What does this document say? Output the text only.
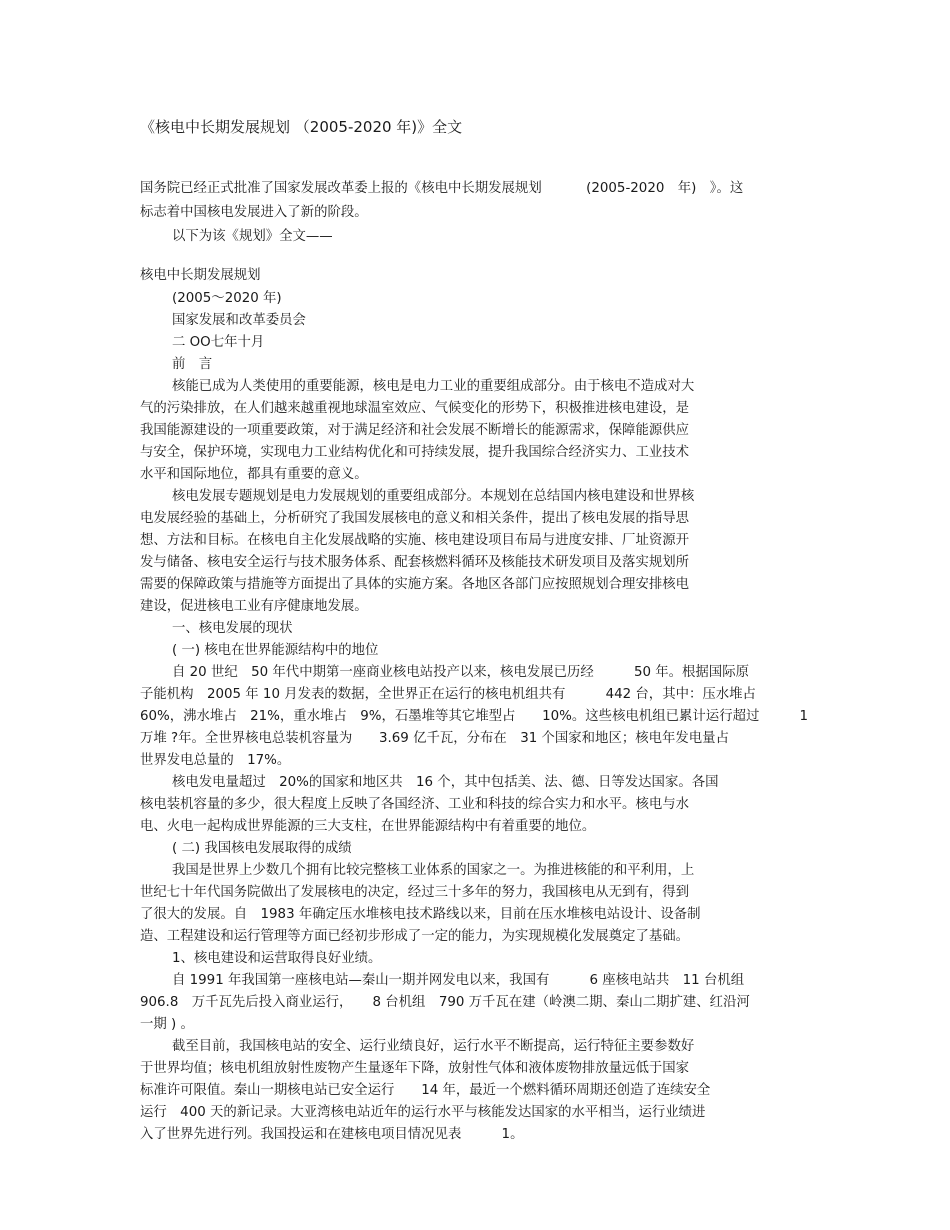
《核电中长期发展规划 （2005-2020 年)》全文
国务院已经正式批准了国家发展改革委上报的《核电中长期发展规划　　　 (2005-2020　年)　》。这
标志着中国核电发展进入了新的阶段。
以下为该《规划》全文——
核电中长期发展规划
(2005～2020 年)
国家发展和改革委员会
二 OO七年十月
前　言
核能已成为人类使用的重要能源，核电是电力工业的重要组成部分。由于核电不造成对大
气的污染排放，在人们越来越重视地球温室效应、气候变化的形势下，积极推进核电建设，是
我国能源建设的一项重要政策，对于满足经济和社会发展不断增长的能源需求，保障能源供应
与安全，保护环境，实现电力工业结构优化和可持续发展，提升我国综合经济实力、工业技术
水平和国际地位，都具有重要的意义。
核电发展专题规划是电力发展规划的重要组成部分。本规划在总结国内核电建设和世界核
电发展经验的基础上，分析研究了我国发展核电的意义和相关条件，提出了核电发展的指导思
想、方法和目标。在核电自主化发展战略的实施、核电建设项目布局与进度安排、厂址资源开
发与储备、核电安全运行与技术服务体系、配套核燃料循环及核能技术研发项目及落实规划所
需要的保障政策与措施等方面提出了具体的实施方案。各地区各部门应按照规划合理安排核电
建设，促进核电工业有序健康地发展。
一、核电发展的现状
( 一) 核电在世界能源结构中的地位
自 20 世纪　50 年代中期第一座商业核电站投产以来，核电发展已历经　　　50 年。根据国际原
子能机构　2005 年 10 月发表的数据，全世界正在运行的核电机组共有　　　442 台，其中：压水堆占
60%，沸水堆占　21%，重水堆占　9%，石墨堆等其它堆型占　　10%。这些核电机组已累计运行超过　　　1
万堆 ?年。全世界核电总装机容量为　　3.69 亿千瓦，分布在　31 个国家和地区；核电年发电量占
世界发电总量的　17%。
核电发电量超过　20%的国家和地区共　16 个，其中包括美、法、德、日等发达国家。各国
核电装机容量的多少，很大程度上反映了各国经济、工业和科技的综合实力和水平。核电与水
电、火电一起构成世界能源的三大支柱，在世界能源结构中有着重要的地位。
( 二) 我国核电发展取得的成绩
我国是世界上少数几个拥有比较完整核工业体系的国家之一。为推进核能的和平利用，上
世纪七十年代国务院做出了发展核电的决定，经过三十多年的努力，我国核电从无到有，得到
了很大的发展。自　1983 年确定压水堆核电技术路线以来，目前在压水堆核电站设计、设备制
造、工程建设和运行管理等方面已经初步形成了一定的能力，为实现规模化发展奠定了基础。
1、核电建设和运营取得良好业绩。
自 1991 年我国第一座核电站—秦山一期并网发电以来，我国有　　　6 座核电站共　11 台机组
906.8　万千瓦先后投入商业运行，　　8 台机组　790 万千瓦在建（岭澳二期、秦山二期扩建、红沿河
一期 ) 。
截至目前，我国核电站的安全、运行业绩良好，运行水平不断提高，运行特征主要参数好
于世界均值；核电机组放射性废物产生量逐年下降，放射性气体和液体废物排放量远低于国家
标准许可限值。秦山一期核电站已安全运行　　14 年，最近一个燃料循环周期还创造了连续安全
运行　400 天的新记录。大亚湾核电站近年的运行水平与核能发达国家的水平相当，运行业绩进
入了世界先进行列。我国投运和在建核电项目情况见表　　　1。
